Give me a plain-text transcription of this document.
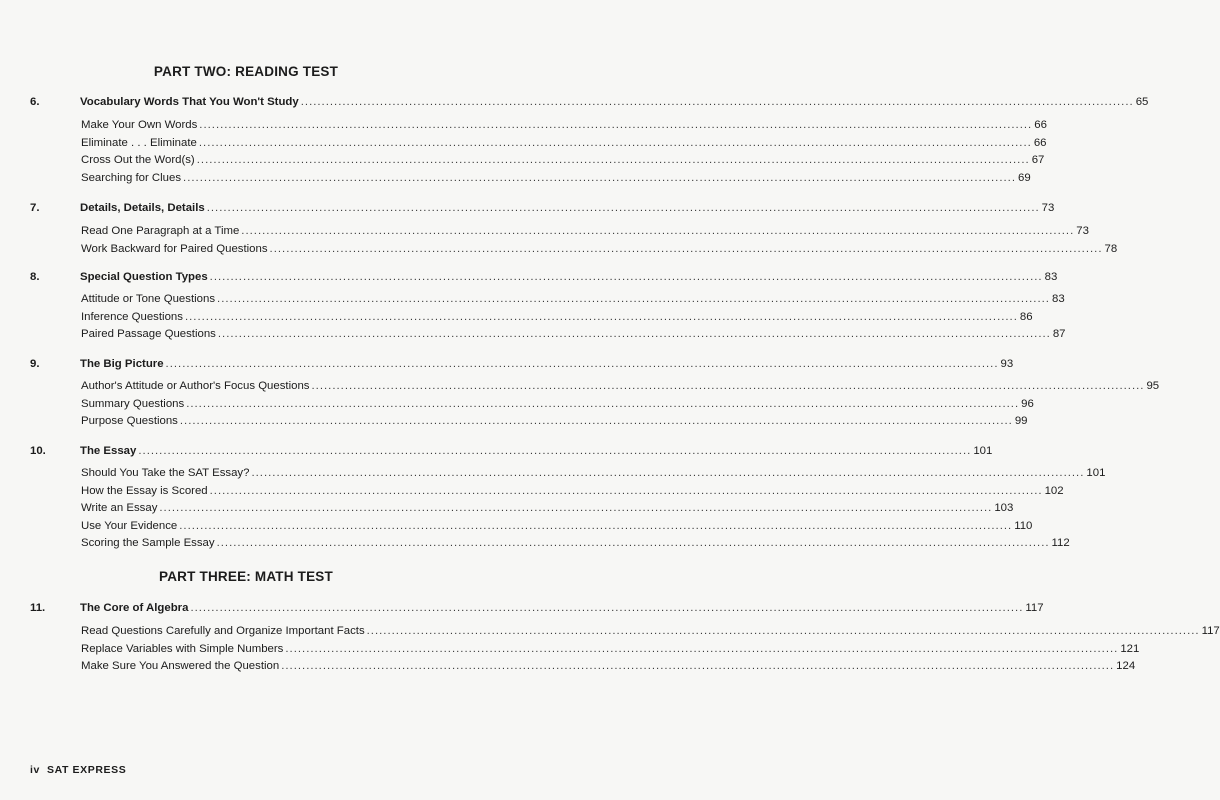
PART TWO: READING TEST
6.	Vocabulary Words That You Won't Study ........................................................................................................................................................................................................ 65
Make Your Own Words ........................................................................................................................................................................................................ 66
Eliminate . . . Eliminate ........................................................................................................................................................................................................ 66
Cross Out the Word(s) ........................................................................................................................................................................................................ 67
Searching for Clues ........................................................................................................................................................................................................ 69
7.	Details, Details, Details ........................................................................................................................................................................................................ 73
Read One Paragraph at a Time ........................................................................................................................................................................................................ 73
Work Backward for Paired Questions ........................................................................................................................................................................................................ 78
8.	Special Question Types ........................................................................................................................................................................................................ 83
Attitude or Tone Questions ........................................................................................................................................................................................................ 83
Inference Questions ........................................................................................................................................................................................................ 86
Paired Passage Questions ........................................................................................................................................................................................................ 87
9.	The Big Picture ........................................................................................................................................................................................................ 93
Author's Attitude or Author's Focus Questions ........................................................................................................................................................................................................ 95
Summary Questions ........................................................................................................................................................................................................ 96
Purpose Questions ........................................................................................................................................................................................................ 99
10.	The Essay ........................................................................................................................................................................................................ 101
Should You Take the SAT Essay? ........................................................................................................................................................................................................ 101
How the Essay is Scored ........................................................................................................................................................................................................ 102
Write an Essay ........................................................................................................................................................................................................ 103
Use Your Evidence ........................................................................................................................................................................................................ 110
Scoring the Sample Essay ........................................................................................................................................................................................................ 112
PART THREE: MATH TEST
11.	The Core of Algebra ........................................................................................................................................................................................................ 117
Read Questions Carefully and Organize Important Facts ........................................................................................................................................................................................................ 117
Replace Variables with Simple Numbers ........................................................................................................................................................................................................ 121
Make Sure You Answered the Question ........................................................................................................................................................................................................ 124
iv SAT EXPRESS
